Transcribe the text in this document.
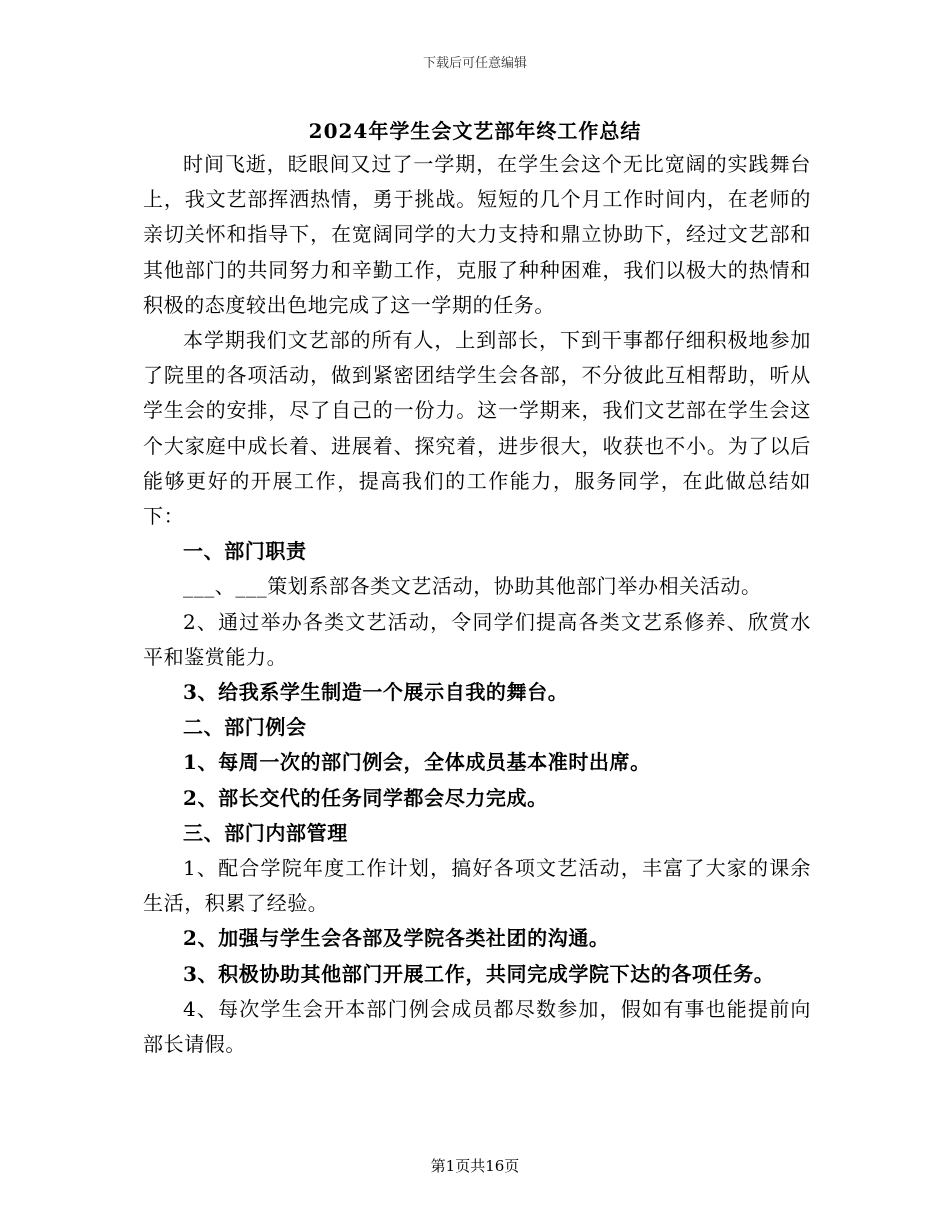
下载后可任意编辑
2024年学生会文艺部年终工作总结

时间飞逝，眨眼间又过了一学期，在学生会这个无比宽阔的实践舞台上，我文艺部挥洒热情，勇于挑战。短短的几个月工作时间内，在老师的亲切关怀和指导下，在宽阔同学的大力支持和鼎立协助下，经过文艺部和其他部门的共同努力和辛勤工作，克服了种种困难，我们以极大的热情和积极的态度较出色地完成了这一学期的任务。

本学期我们文艺部的所有人，上到部长，下到干事都仔细积极地参加了院里的各项活动，做到紧密团结学生会各部，不分彼此互相帮助，听从学生会的安排，尽了自己的一份力。这一学期来，我们文艺部在学生会这个大家庭中成长着、进展着、探究着，进步很大，收获也不小。为了以后能够更好的开展工作，提高我们的工作能力，服务同学，在此做总结如下：

一、部门职责

___、___策划系部各类文艺活动，协助其他部门举办相关活动。

2、通过举办各类文艺活动，令同学们提高各类文艺系修养、欣赏水平和鉴赏能力。

3、给我系学生制造一个展示自我的舞台。

二、部门例会

1、每周一次的部门例会，全体成员基本准时出席。

2、部长交代的任务同学都会尽力完成。

三、部门内部管理

1、配合学院年度工作计划，搞好各项文艺活动，丰富了大家的课余生活，积累了经验。

2、加强与学生会各部及学院各类社团的沟通。

3、积极协助其他部门开展工作，共同完成学院下达的各项任务。

4、每次学生会开本部门例会成员都尽数参加，假如有事也能提前向部长请假。

第1页共16页
